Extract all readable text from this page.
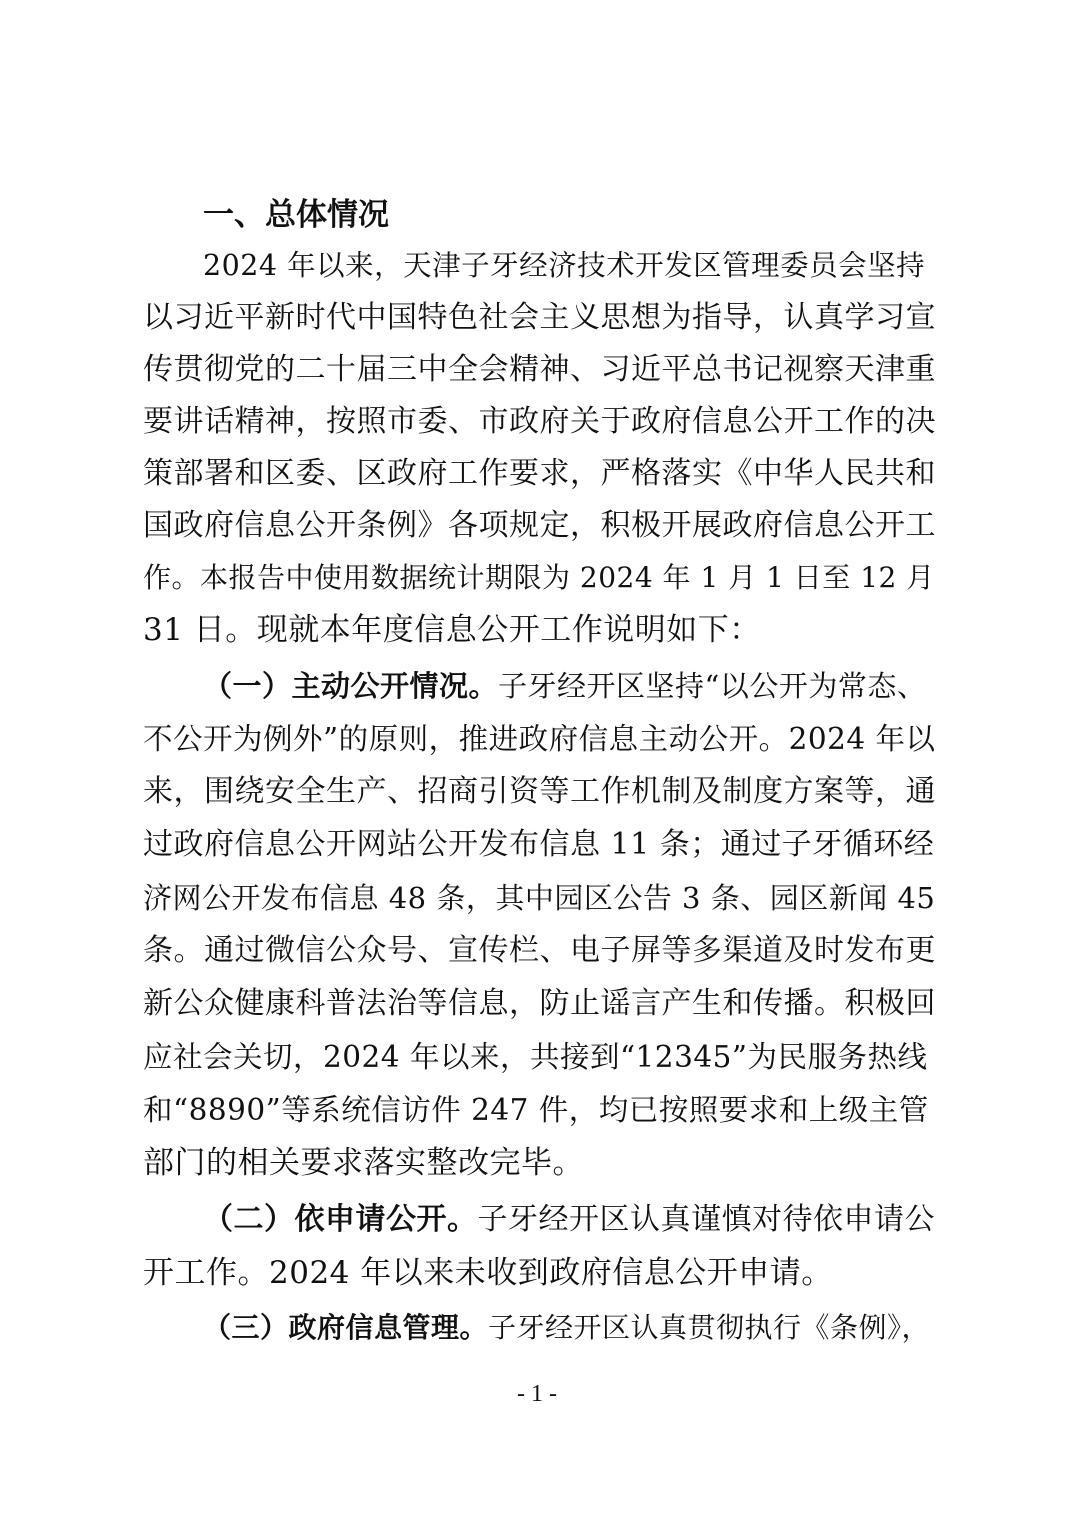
一、总体情况

2024 年以来，天津子牙经济技术开发区管理委员会坚持

以习近平新时代中国特色社会主义思想为指导，认真学习宣

传贯彻党的二十届三中全会精神、习近平总书记视察天津重

要讲话精神，按照市委、市政府关于政府信息公开工作的决

策部署和区委、区政府工作要求，严格落实《中华人民共和

国政府信息公开条例》各项规定，积极开展政府信息公开工

作。本报告中使用数据统计期限为 2024 年 1 月 1 日至 12 月

31 日。现就本年度信息公开工作说明如下：

（一）主动公开情况。子牙经开区坚持“以公开为常态、

不公开为例外”的原则，推进政府信息主动公开。2024 年以

来，围绕安全生产、招商引资等工作机制及制度方案等，通

过政府信息公开网站公开发布信息 11 条；通过子牙循环经

济网公开发布信息 48 条，其中园区公告 3 条、园区新闻 45

条。通过微信公众号、宣传栏、电子屏等多渠道及时发布更

新公众健康科普法治等信息，防止谣言产生和传播。积极回

应社会关切，2024 年以来，共接到“12345”为民服务热线

和“8890”等系统信访件 247 件，均已按照要求和上级主管

部门的相关要求落实整改完毕。

（二）依申请公开。子牙经开区认真谨慎对待依申请公

开工作。2024 年以来未收到政府信息公开申请。

（三）政府信息管理。子牙经开区认真贯彻执行《条例》，

- 1 -
